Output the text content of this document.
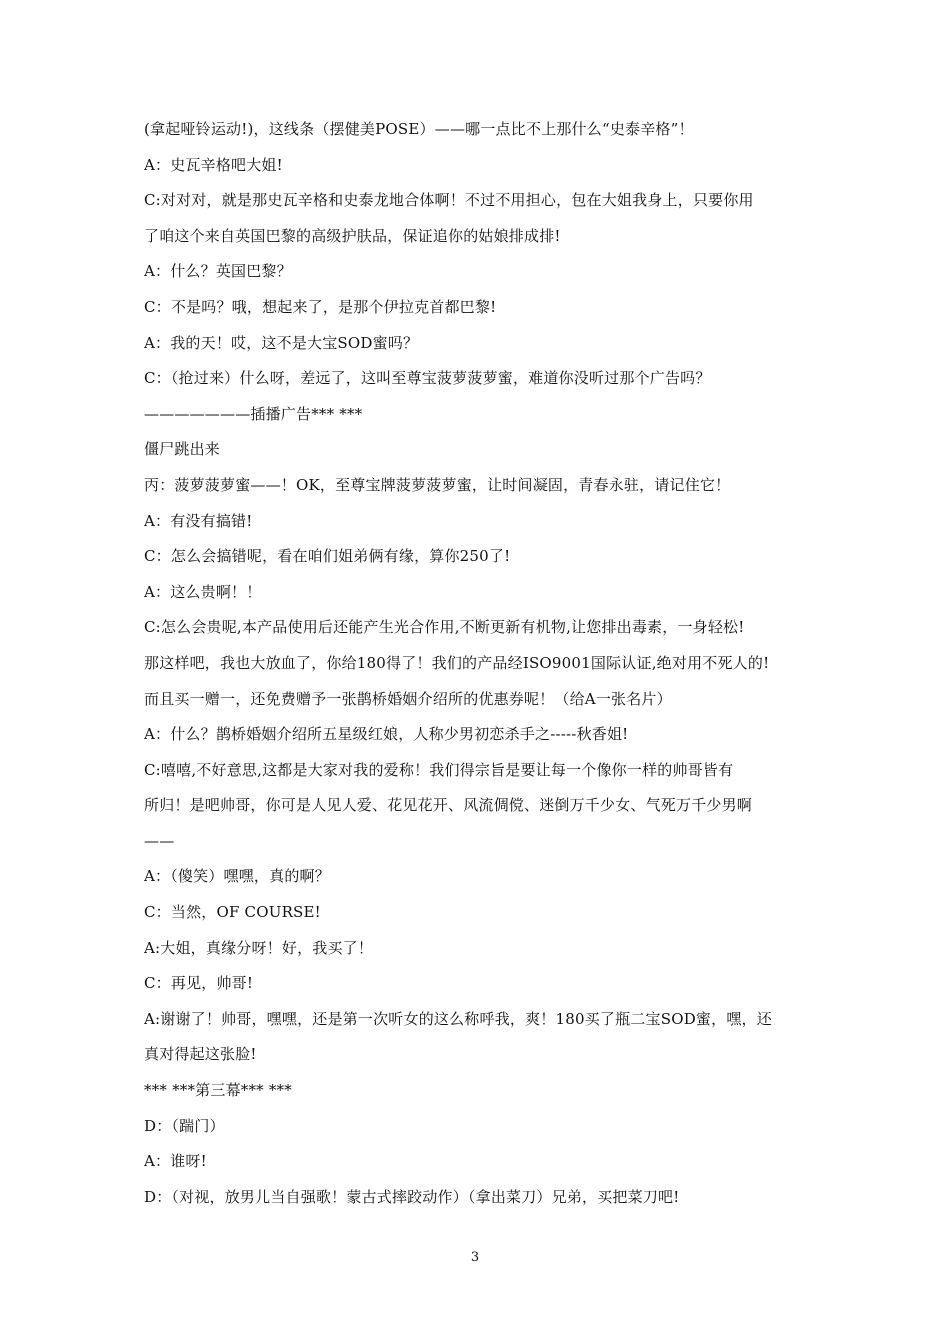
(拿起哑铃运动!)，这线条（摆健美POSE）——哪一点比不上那什么“史泰辛格”！
A：史瓦辛格吧大姐!
C:对对对，就是那史瓦辛格和史泰龙地合体啊！不过不用担心，包在大姐我身上，只要你用
了咱这个来自英国巴黎的高级护肤品，保证追你的姑娘排成排!
A：什么？英国巴黎？
C：不是吗？哦，想起来了，是那个伊拉克首都巴黎!
A：我的天！哎，这不是大宝SOD蜜吗？
C：（抢过来）什么呀，差远了，这叫至尊宝菠萝菠萝蜜，难道你没听过那个广告吗？
———————插播广告*** ***
僵尸跳出来
丙：菠萝菠萝蜜——！OK，至尊宝牌菠萝菠萝蜜，让时间凝固，青春永驻，请记住它！
A：有没有搞错!
C：怎么会搞错呢，看在咱们姐弟俩有缘，算你250了!
A：这么贵啊！！
C:怎么会贵呢,本产品使用后还能产生光合作用,不断更新有机物,让您排出毒素，一身轻松!
那这样吧，我也大放血了，你给180得了！我们的产品经ISO9001国际认证,绝对用不死人的!
而且买一赠一，还免费赠予一张鹊桥婚姻介绍所的优惠券呢！（给A一张名片）
A：什么？鹊桥婚姻介绍所五星级红娘，人称少男初恋杀手之-----秋香姐!
C:嘻嘻,不好意思,这都是大家对我的爱称！我们得宗旨是要让每一个像你一样的帅哥皆有
所归！是吧帅哥，你可是人见人爱、花见花开、风流倜傥、迷倒万千少女、气死万千少男啊
——
A：（傻笑）嘿嘿，真的啊？
C：当然，OF COURSE!
A:大姐，真缘分呀！好，我买了！
C：再见，帅哥!
A:谢谢了！帅哥，嘿嘿，还是第一次听女的这么称呼我，爽！180买了瓶二宝SOD蜜，嘿，还
真对得起这张脸!
*** ***第三幕*** ***
D：（踹门）
A：谁呀!
D：（对视，放男儿当自强歌！蒙古式摔跤动作）（拿出菜刀）兄弟，买把菜刀吧!
3
